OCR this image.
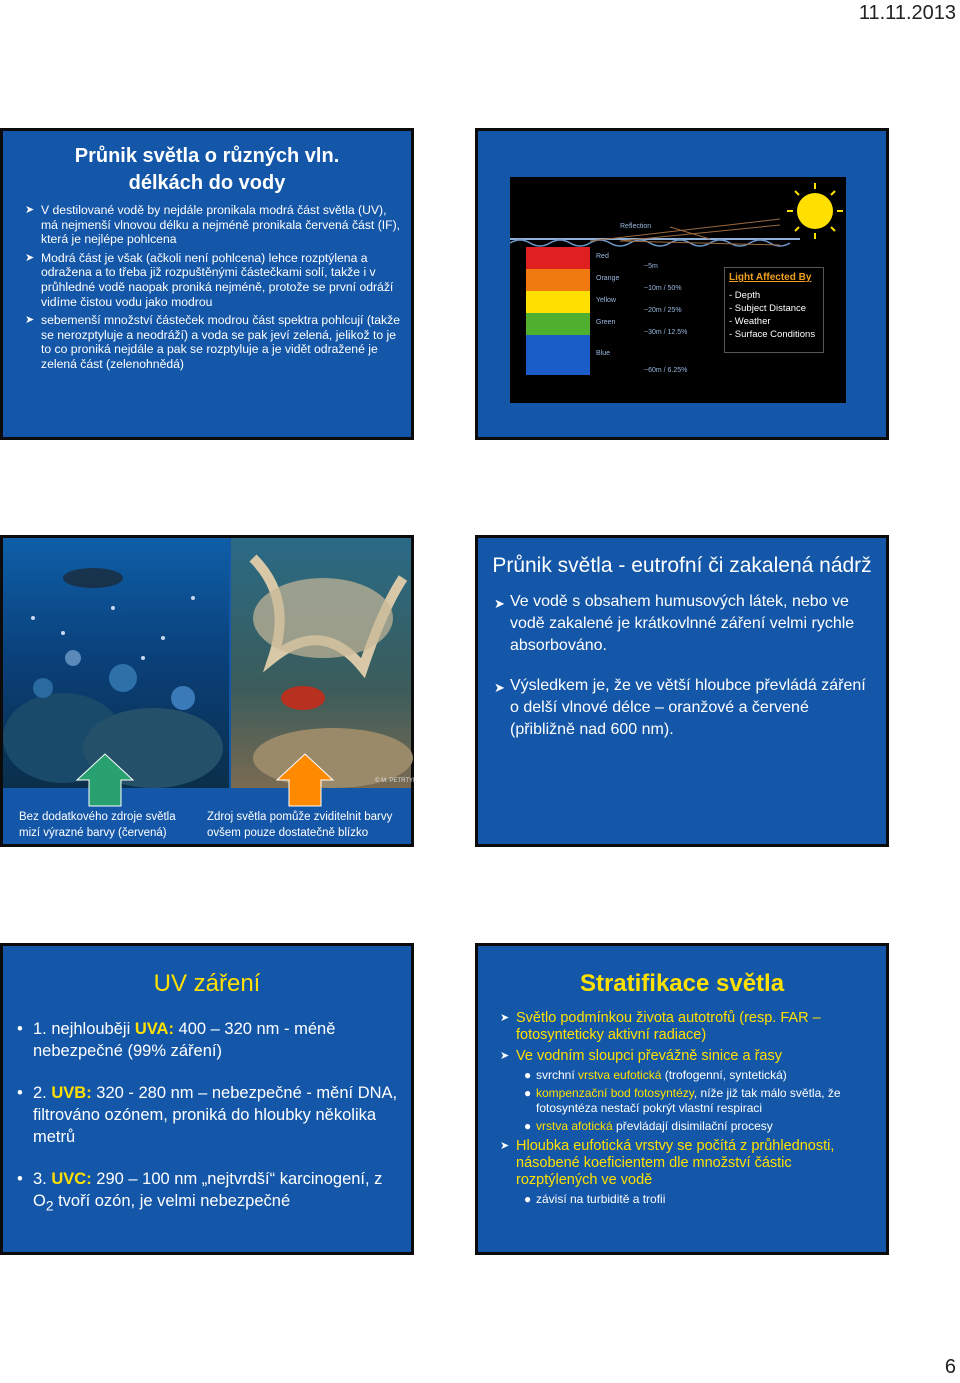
11.11.2013
Průnik světla o různých vln.
délkách do vody
➤ V destilované vodě by nejdále pronikala modrá část světla (UV), má nejmenší vlnovou délku a nejméně pronikala červená část (IF), která je nejlépe pohlcena
➤ Modrá část je však (ačkoli není pohlcena) lehce rozptýlena a odražena a to třeba již rozpuštěnými částečkami solí, takže i v průhledné vodě naopak proniká nejméně, protože se první odráží vidíme čistou vodu jako modrou
➤ sebemenší množství částeček modrou část spektra pohlcují (takže se nerozptyluje a neodráží) a voda se pak jeví zelená, jelikož to je to co proniká nejdále a pak se rozptyluje a je vidět odražené je zelená část (zelenohnědá)
Reflection
Red
Orange
Yellow
Green
Blue
~5m
~10m / 50%
~20m / 25%
~30m / 12.5%
~60m / 6.25%
Light Affected By
- Depth
- Subject Distance
- Weather
- Surface Conditions
© M. PETRTYL
Bez dodatkového zdroje světla mizí výrazné barvy (červená)
Zdroj světla pomůže zviditelnit barvy ovšem pouze dostatečně blízko
Průnik světla - eutrofní či zakalená nádrž
➤ Ve vodě s obsahem humusových látek, nebo ve vodě zakalené je krátkovlnné záření velmi rychle absorbováno.
➤ Výsledkem je, že ve větší hloubce převládá záření o delší vlnové délce – oranžové a červené (přibližně nad 600 nm).
UV záření
• 1. nejhlouběji UVA: 400 – 320 nm - méně nebezpečné (99% záření)
• 2. UVB: 320 - 280 nm – nebezpečné - mění DNA, filtrováno ozónem, proniká do hloubky několika metrů
• 3. UVC: 290 – 100 nm „nejtvrdší“ karcinogení, z $O_2$ tvoří ozón, je velmi nebezpečné
Stratifikace světla
➤ Světlo podmínkou života autotrofů (resp. FAR – fotosynteticky aktivní radiace)
➤ Ve vodním sloupci převážně sinice a řasy
● svrchní vrstva eufotická (trofogenní, syntetická)
● kompenzační bod fotosyntézy, níže již tak málo světla, že fotosyntéza nestačí pokrýt vlastní respiraci
● vrstva afotická převládají disimilační procesy
➤ Hloubka eufotická vrstvy se počítá z průhlednosti, násobené koeficientem dle množství částic rozptýlených ve vodě
● závisí na turbiditě a trofii
6
